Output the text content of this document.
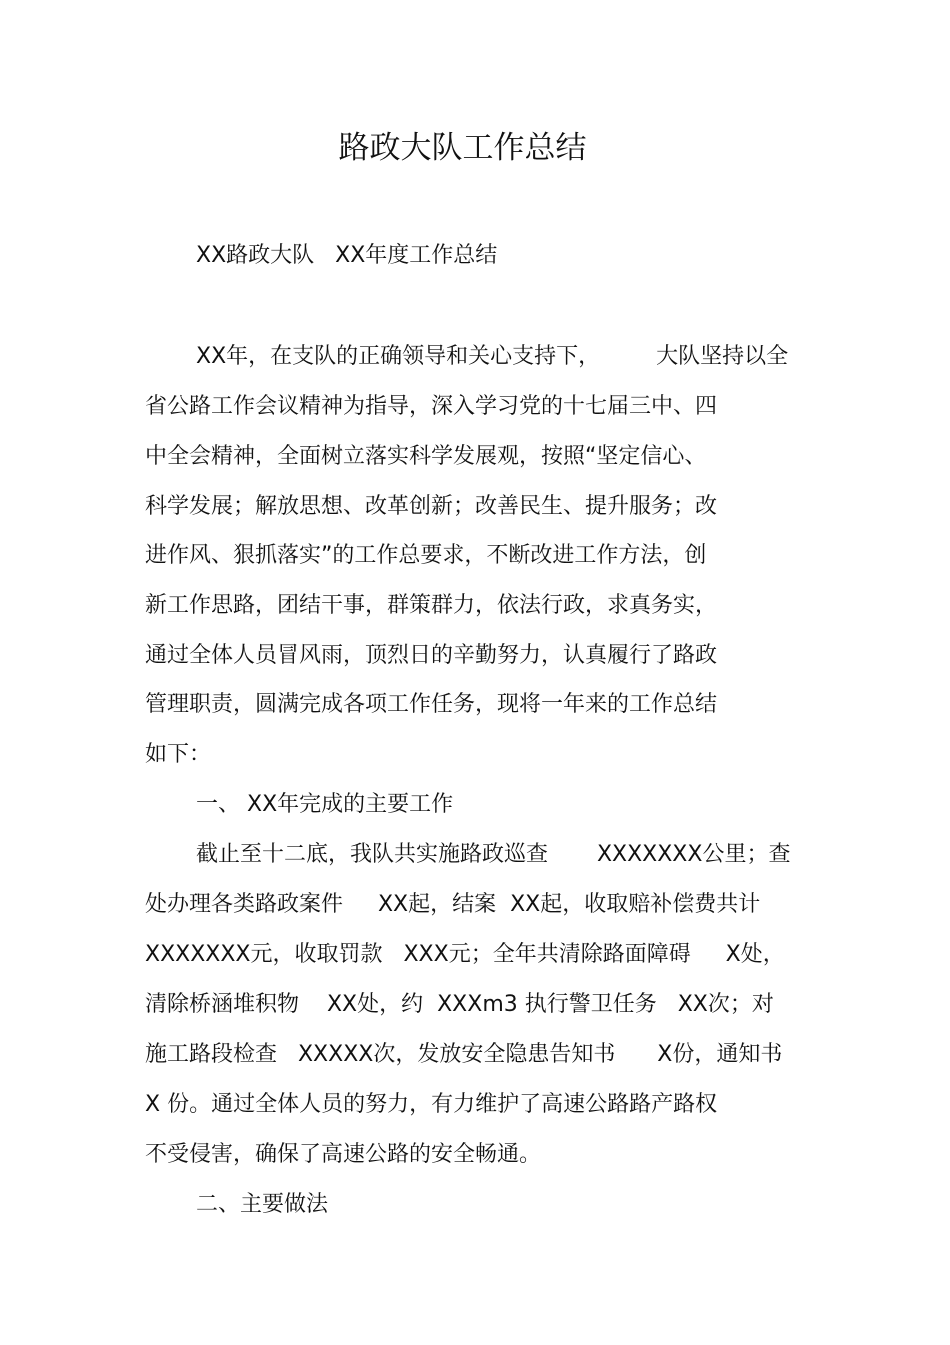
路政大队工作总结

XX路政大队   XX年度工作总结

XX年，在支队的正确领导和关心支持下，        大队坚持以全

省公路工作会议精神为指导，深入学习党的十七届三中、四

中全会精神，全面树立落实科学发展观，按照“坚定信心、

科学发展；解放思想、改革创新；改善民生、提升服务；改

进作风、狠抓落实”的工作总要求，不断改进工作方法，创

新工作思路，团结干事，群策群力，依法行政，求真务实，

通过全体人员冒风雨，顶烈日的辛勤努力，认真履行了路政

管理职责，圆满完成各项工作任务，现将一年来的工作总结

如下：

一、 XX年完成的主要工作

截止至十二底，我队共实施路政巡查       XXXXXXX公里；查

处办理各类路政案件     XX起，结案  XX起，收取赔补偿费共计

XXXXXXX元，收取罚款   XXX元；全年共清除路面障碍     X处，

清除桥涵堆积物    XX处，约  XXXm3 执行警卫任务   XX次；对

施工路段检查   XXXXX次，发放安全隐患告知书      X份，通知书

X 份。通过全体人员的努力，有力维护了高速公路路产路权

不受侵害，确保了高速公路的安全畅通。

二、主要做法
